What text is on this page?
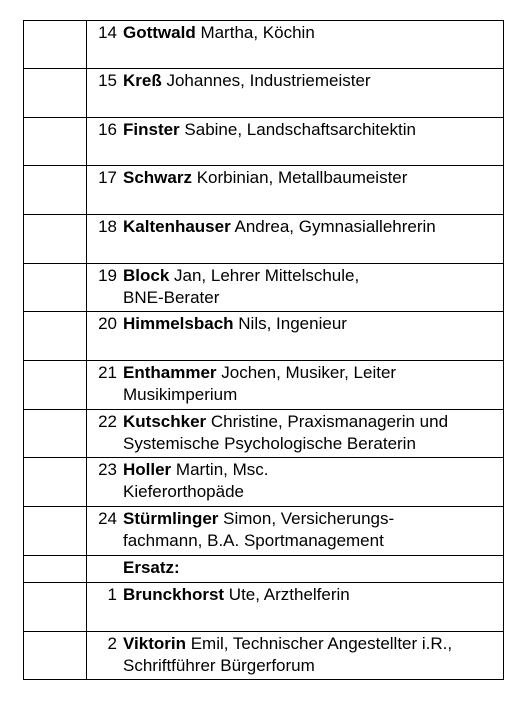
	14 Gottwald Martha, Köchin

	15 Kreß Johannes, Industriemeister

	16 Finster Sabine, Landschaftsarchitektin

	17 Schwarz Korbinian, Metallbaumeister

	18 Kaltenhauser Andrea, Gymnasiallehrerin

	19 Block Jan, Lehrer Mittelschule,
BNE-Berater

	20 Himmelsbach Nils, Ingenieur

	21 Enthammer Jochen, Musiker, Leiter
Musikimperium

	22 Kutschker Christine, Praxismanagerin und
Systemische Psychologische Beraterin

	23 Holler Martin, Msc.
Kieferorthopäde

	24 Stürmlinger Simon, Versicherungs-
fachmann, B.A. Sportmanagement

	Ersatz:

	1 Brunckhorst Ute, Arzthelferin

	2 Viktorin Emil, Technischer Angestellter i.R.,
Schriftführer Bürgerforum
